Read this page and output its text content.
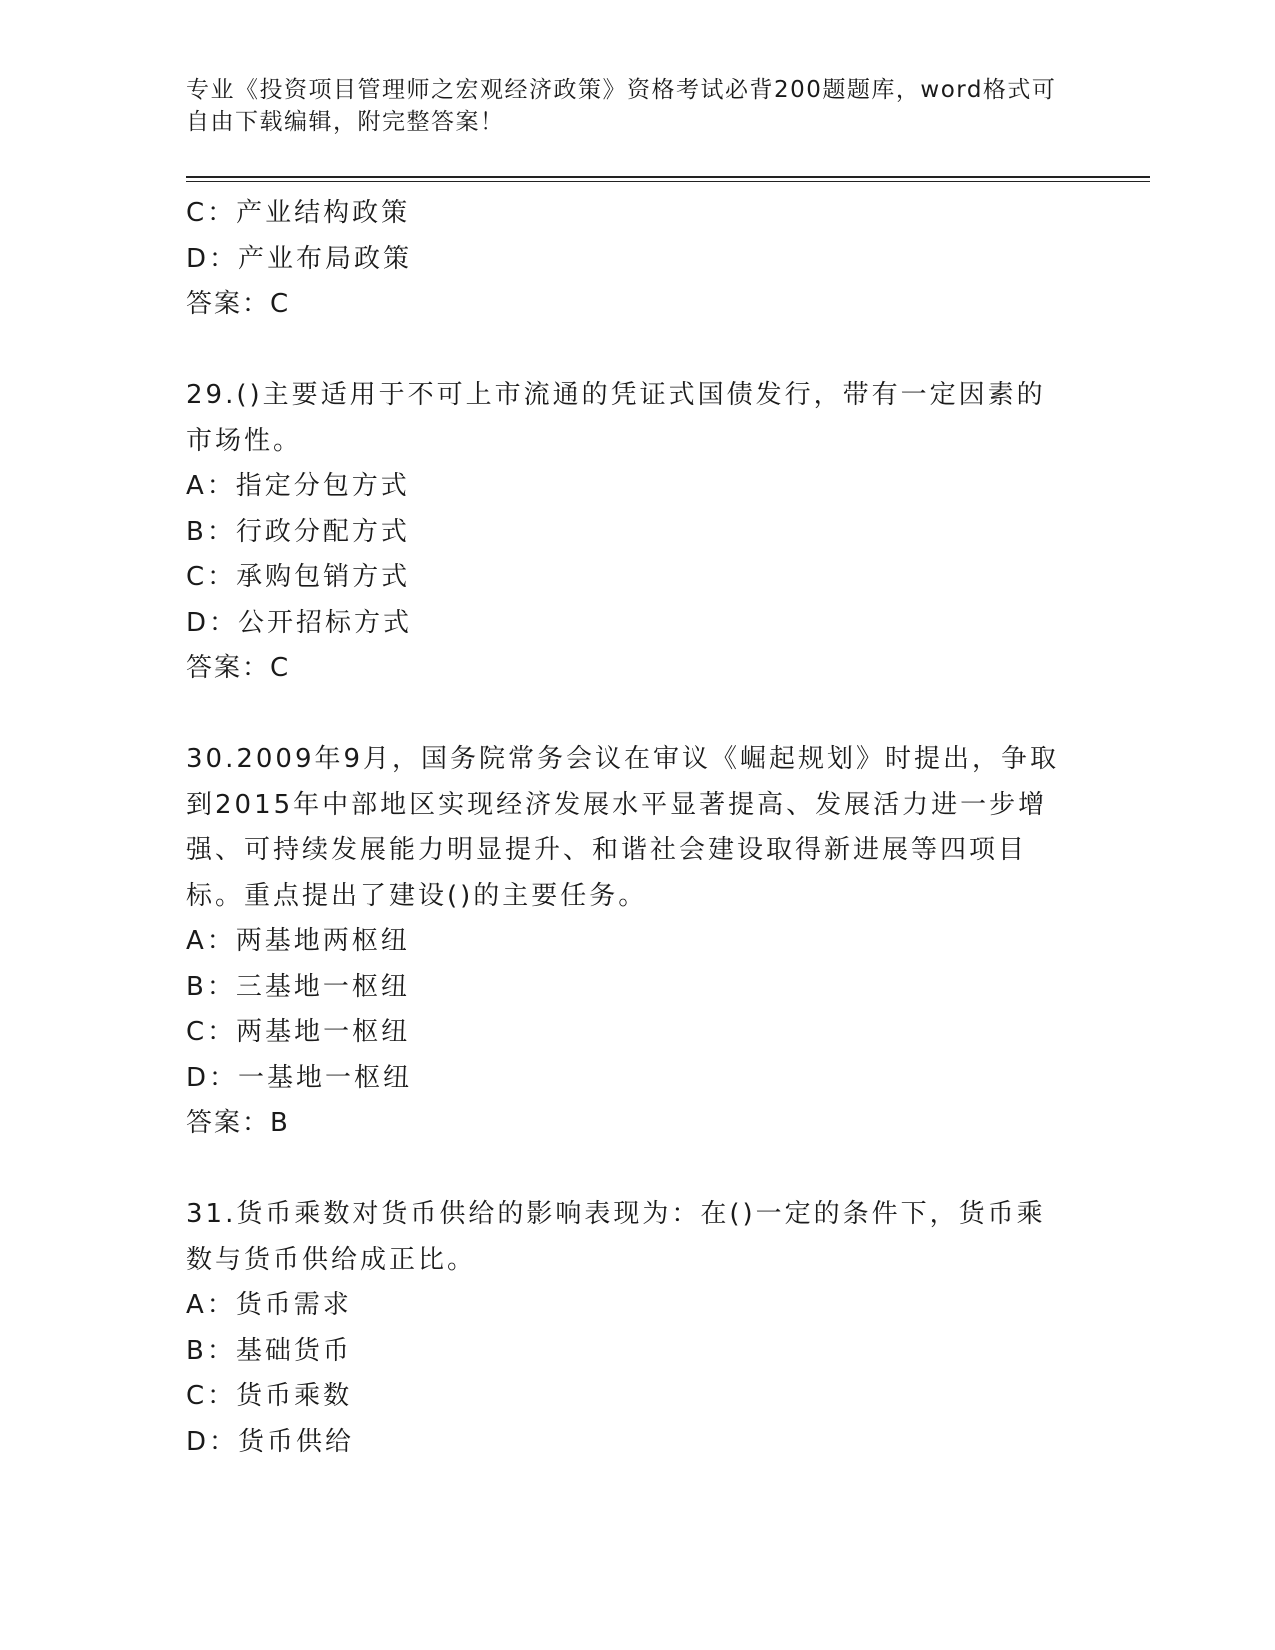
专业《投资项目管理师之宏观经济政策》资格考试必背200题题库，word格式可自由下载编辑，附完整答案！
C：产业结构政策
D：产业布局政策
答案：C
29.()主要适用于不可上市流通的凭证式国债发行，带有一定因素的市场性。
A：指定分包方式
B：行政分配方式
C：承购包销方式
D：公开招标方式
答案：C
30.2009年9月，国务院常务会议在审议《崛起规划》时提出，争取到2015年中部地区实现经济发展水平显著提高、发展活力进一步增强、可持续发展能力明显提升、和谐社会建设取得新进展等四项目标。重点提出了建设()的主要任务。
A：两基地两枢纽
B：三基地一枢纽
C：两基地一枢纽
D：一基地一枢纽
答案：B
31.货币乘数对货币供给的影响表现为：在()一定的条件下，货币乘数与货币供给成正比。
A：货币需求
B：基础货币
C：货币乘数
D：货币供给
